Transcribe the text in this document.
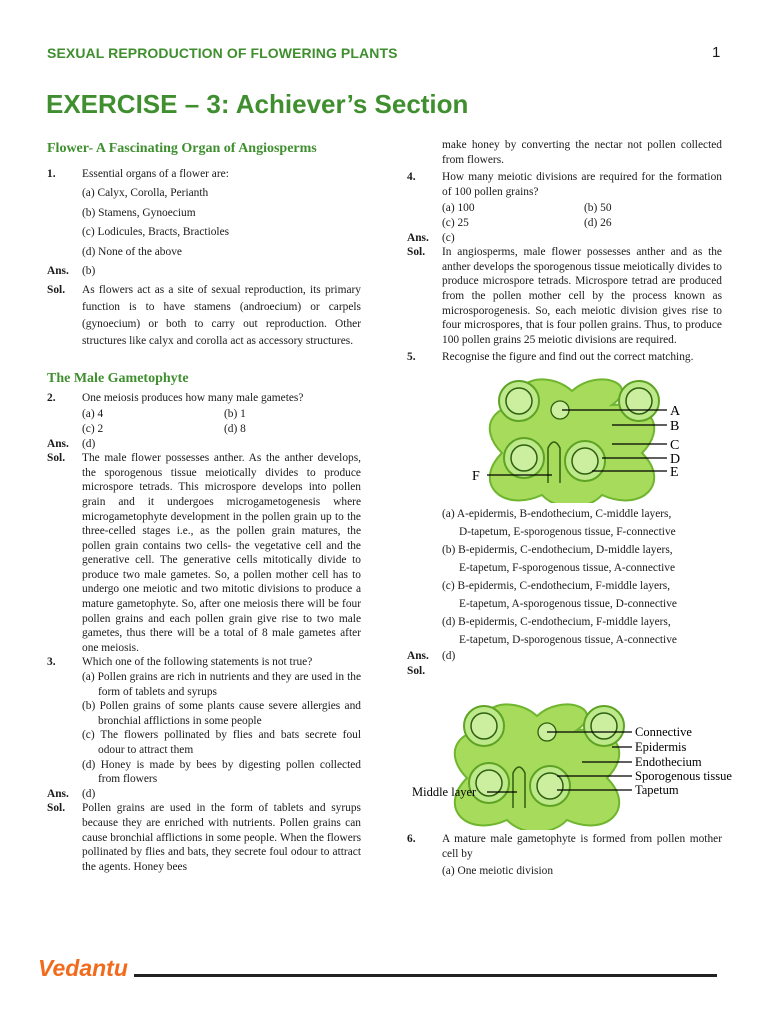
SEXUAL REPRODUCTION OF FLOWERING PLANTS	1
EXERCISE – 3: Achiever’s Section
Flower- A Fascinating Organ of Angiosperms
1.	Essential organs of a flower are:
(a) Calyx, Corolla, Perianth
(b) Stamens, Gynoecium
(c) Lodicules, Bracts, Bractioles
(d) None of the above
Ans.	(b)
Sol.	As flowers act as a site of sexual reproduction, its primary function is to have stamens (androecium) or carpels (gynoecium) or both to carry out reproduction. Other structures like calyx and corolla act as accessory structures.
The Male Gametophyte
2.	One meiosis produces how many male gametes?
(a) 4	(b) 1
(c) 2	(d) 8
Ans.	(d)
Sol.	The male flower possesses anther. As the anther develops, the sporogenous tissue meiotically divides to produce microspore tetrads. This microspore develops into pollen grain and it undergoes microgametogenesis where microgametophyte development in the pollen grain up to the three-celled stages i.e., as the pollen grain matures, the pollen grain contains two cells- the vegetative cell and the generative cell. The generative cells mitotically divide to produce two male gametes. So, a pollen mother cell has to undergo one meiotic and two mitotic divisions to produce a mature gametophyte. So, after one meiosis there will be four pollen grains and each pollen grain give rise to two male gametes, thus there will be a total of 8 male gametes after one meiosis.
3.	Which one of the following statements is not true?
(a) Pollen grains are rich in nutrients and they are used in the form of tablets and syrups
(b) Pollen grains of some plants cause severe allergies and bronchial afflictions in some people
(c) The flowers pollinated by flies and bats secrete foul odour to attract them
(d) Honey is made by bees by digesting pollen collected from flowers
Ans.	(d)
Sol.	Pollen grains are used in the form of tablets and syrups because they are enriched with nutrients. Pollen grains can cause bronchial afflictions in some people. When the flowers pollinated by flies and bats, they secrete foul odour to attract the agents. Honey bees
make honey by converting the nectar not pollen collected from flowers.
4.	How many meiotic divisions are required for the formation of 100 pollen grains?
(a) 100	(b) 50
(c) 25	(d) 26
Ans.	(c)
Sol.	In angiosperms, male flower possesses anther and as the anther develops the sporogenous tissue meiotically divides to produce microspore tetrads. Microspore tetrad are produced from the pollen mother cell by the process known as microsporogenesis. So, each meiotic division gives rise to four microspores, that is four pollen grains. Thus, to produce 100 pollen grains 25 meiotic divisions are required.
5.	Recognise the figure and find out the correct matching.
A
B
C
D
E
F
(a) A-epidermis, B-endothecium, C-middle layers,
D-tapetum, E-sporogenous tissue, F-connective
(b) B-epidermis, C-endothecium, D-middle layers,
E-tapetum, F-sporogenous tissue, A-connective
(c) B-epidermis, C-endothecium, F-middle layers,
E-tapetum, A-sporogenous tissue, D-connective
(d) B-epidermis, C-endothecium, F-middle layers,
E-tapetum, D-sporogenous tissue, A-connective
Ans.	(d)
Sol.
Connective
Epidermis
Endothecium
Sporogenous tissue
Tapetum
Middle layer
6.	A mature male gametophyte is formed from pollen mother cell by
(a) One meiotic division
Vedantu
